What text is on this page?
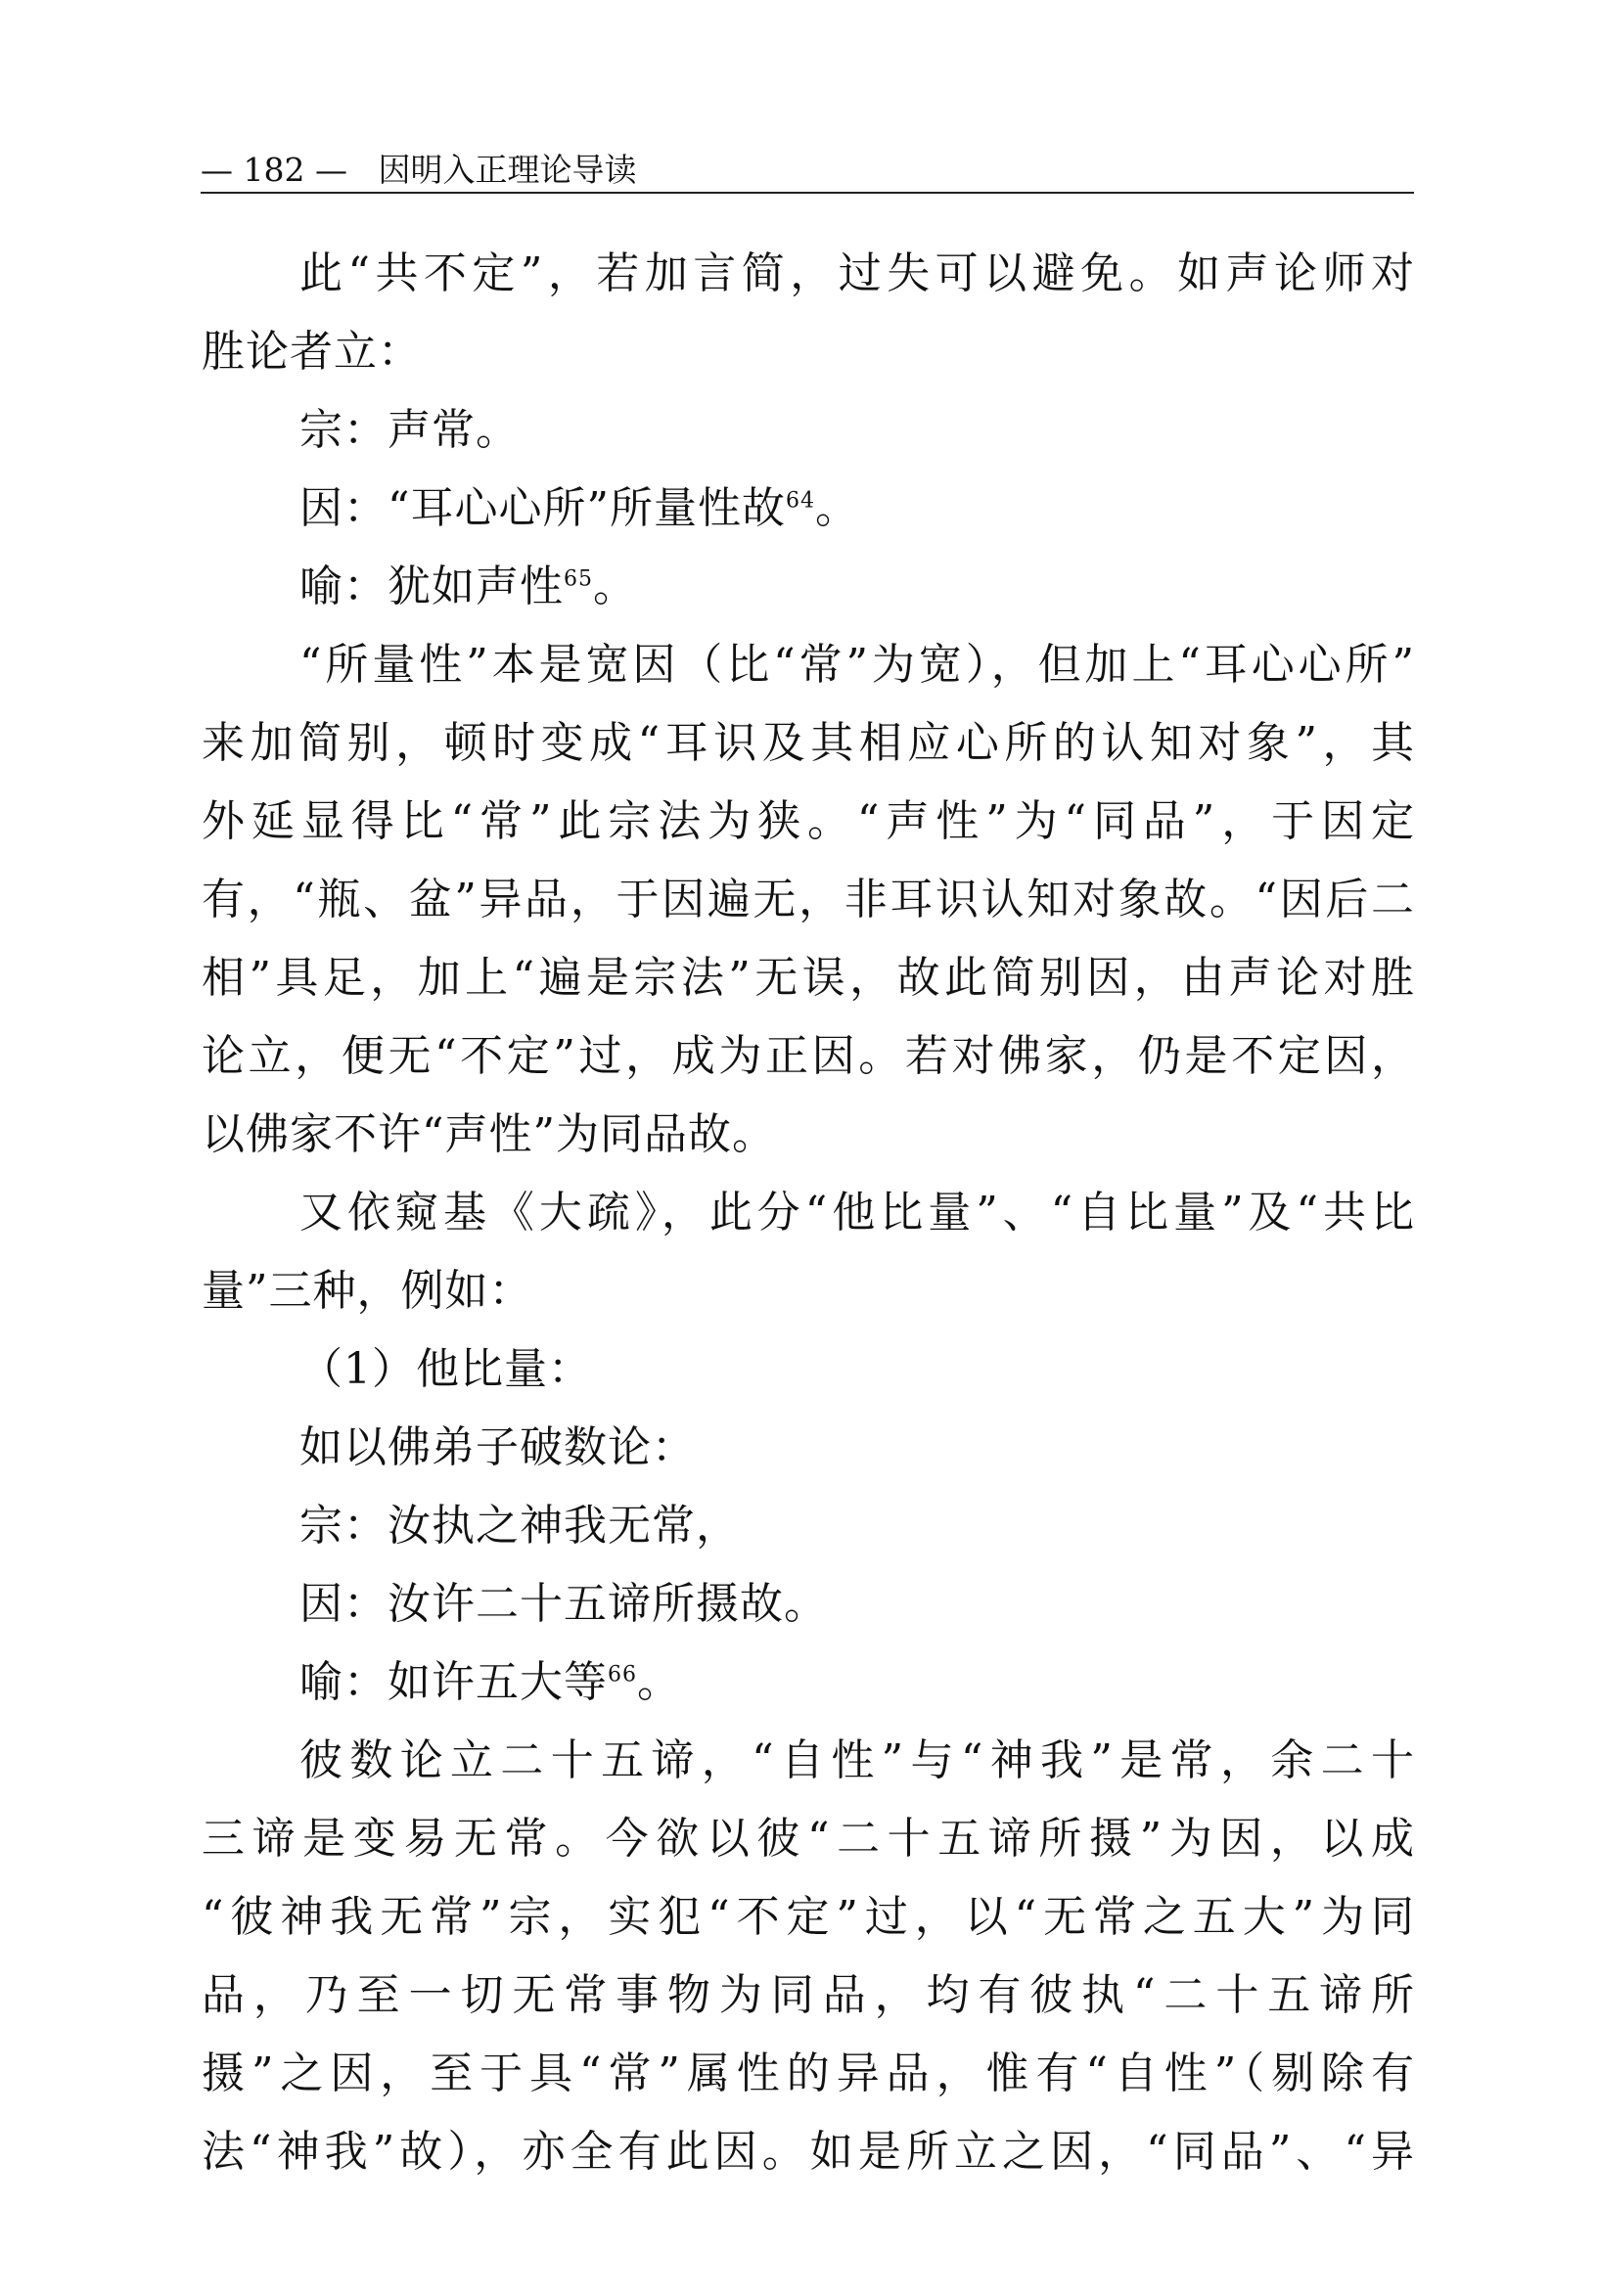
— 182 — 因明入正理论导读

此“共不定”，若加言简，过失可以避免。如声论师对

胜论者立：

宗：声常。

因：“耳心心所”所量性故$^{64}$。

喻：犹如声性$^{65}$。

“所量性”本是宽因（比“常”为宽），但加上“耳心心所”

来加简别，顿时变成“耳识及其相应心所的认知对象”，其

外延显得比“常”此宗法为狭。“声性”为“同品”，于因定

有，“瓶、盆”异品，于因遍无，非耳识认知对象故。“因后二

相”具足，加上“遍是宗法”无误，故此简别因，由声论对胜

论立，便无“不定”过，成为正因。若对佛家，仍是不定因，

以佛家不许“声性”为同品故。

又依窥基《大疏》，此分“他比量”、“自比量”及“共比

量”三种，例如：

（1）他比量：

如以佛弟子破数论：

宗：汝执之神我无常，

因：汝许二十五谛所摄故。

喻：如许五大等$^{66}$。

彼数论立二十五谛，“自性”与“神我”是常，余二十

三谛是变易无常。今欲以彼“二十五谛所摄”为因，以成

“彼神我无常”宗，实犯“不定”过，以“无常之五大”为同

品，乃至一切无常事物为同品，均有彼执“二十五谛所

摄”之因，至于具“常”属性的异品，惟有“自性”（剔除有

法“神我”故），亦全有此因。如是所立之因，“同品”、“异
